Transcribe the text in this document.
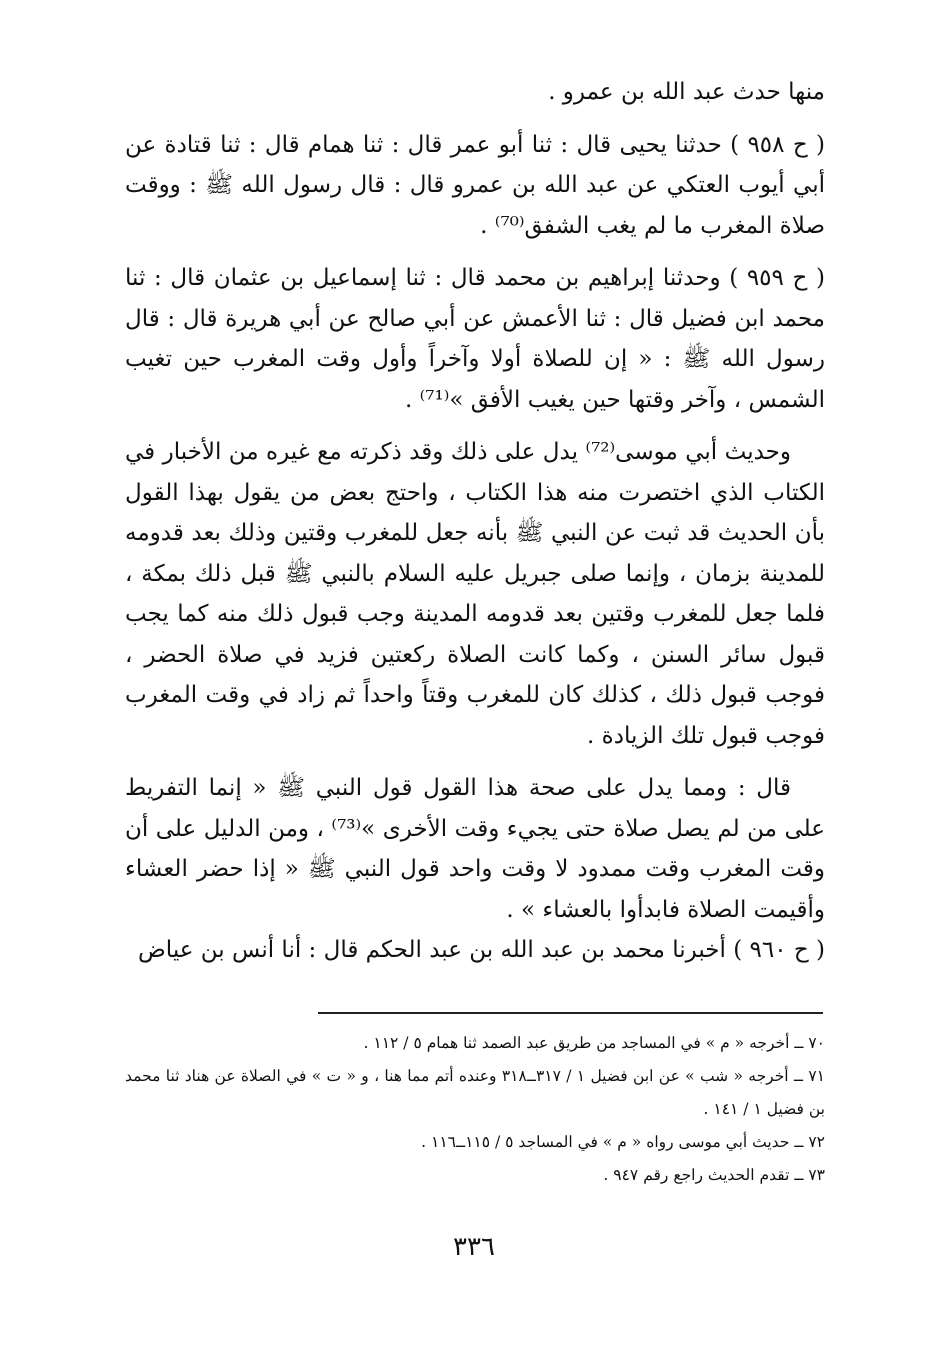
منها حدث عبد الله بن عمرو .

( ح ٩٥٨ ) حدثنا يحيى قال : ثنا أبو عمر قال : ثنا همام قال : ثنا قتادة عن أبي أيوب العتكي عن عبد الله بن عمرو قال : قال رسول الله ﷺ : ووقت صلاة المغرب ما لم يغب الشفق⁽⁷⁰⁾ .

( ح ٩٥٩ ) وحدثنا إبراهيم بن محمد قال : ثنا إسماعيل بن عثمان قال : ثنا محمد ابن فضيل قال : ثنا الأعمش عن أبي صالح عن أبي هريرة قال : قال رسول الله ﷺ : « إن للصلاة أولا وآخراً وأول وقت المغرب حين تغيب الشمس ، وآخر وقتها حين يغيب الأفق »⁽⁷¹⁾ .

وحديث أبي موسى⁽⁷²⁾ يدل على ذلك وقد ذكرته مع غيره من الأخبار في الكتاب الذي اختصرت منه هذا الكتاب ، واحتج بعض من يقول بهذا القول بأن الحديث قد ثبت عن النبي ﷺ بأنه جعل للمغرب وقتين وذلك بعد قدومه للمدينة بزمان ، وإنما صلى جبريل عليه السلام بالنبي ﷺ قبل ذلك بمكة ، فلما جعل للمغرب وقتين بعد قدومه المدينة وجب قبول ذلك منه كما يجب قبول سائر السنن ، وكما كانت الصلاة ركعتين فزيد في صلاة الحضر ، فوجب قبول ذلك ، كذلك كان للمغرب وقتاً واحداً ثم زاد في وقت المغرب فوجب قبول تلك الزيادة .

قال : ومما يدل على صحة هذا القول قول النبي ﷺ « إنما التفريط على من لم يصل صلاة حتى يجيء وقت الأخرى »⁽⁷³⁾ ، ومن الدليل على أن وقت المغرب وقت ممدود لا وقت واحد قول النبي ﷺ « إذا حضر العشاء وأقيمت الصلاة فابدأوا بالعشاء » .

( ح ٩٦٠ ) أخبرنا محمد بن عبد الله بن عبد الحكم قال : أنا أنس بن عياض

٧٠ ــ أخرجه « م » في المساجد من طريق عبد الصمد ثنا همام ٥ / ١١٢ .

٧١ ــ أخرجه « شب » عن ابن فضيل ١ / ٣١٧ــ٣١٨ وعنده أتم مما هنا ، و « ت » في الصلاة عن هناد ثنا محمد بن فضيل ١ / ١٤١ .

٧٢ ــ حديث أبي موسى رواه « م » في المساجد ٥ / ١١٥ــ١١٦ .

٧٣ ــ تقدم الحديث راجع رقم ٩٤٧ .

٣٣٦
